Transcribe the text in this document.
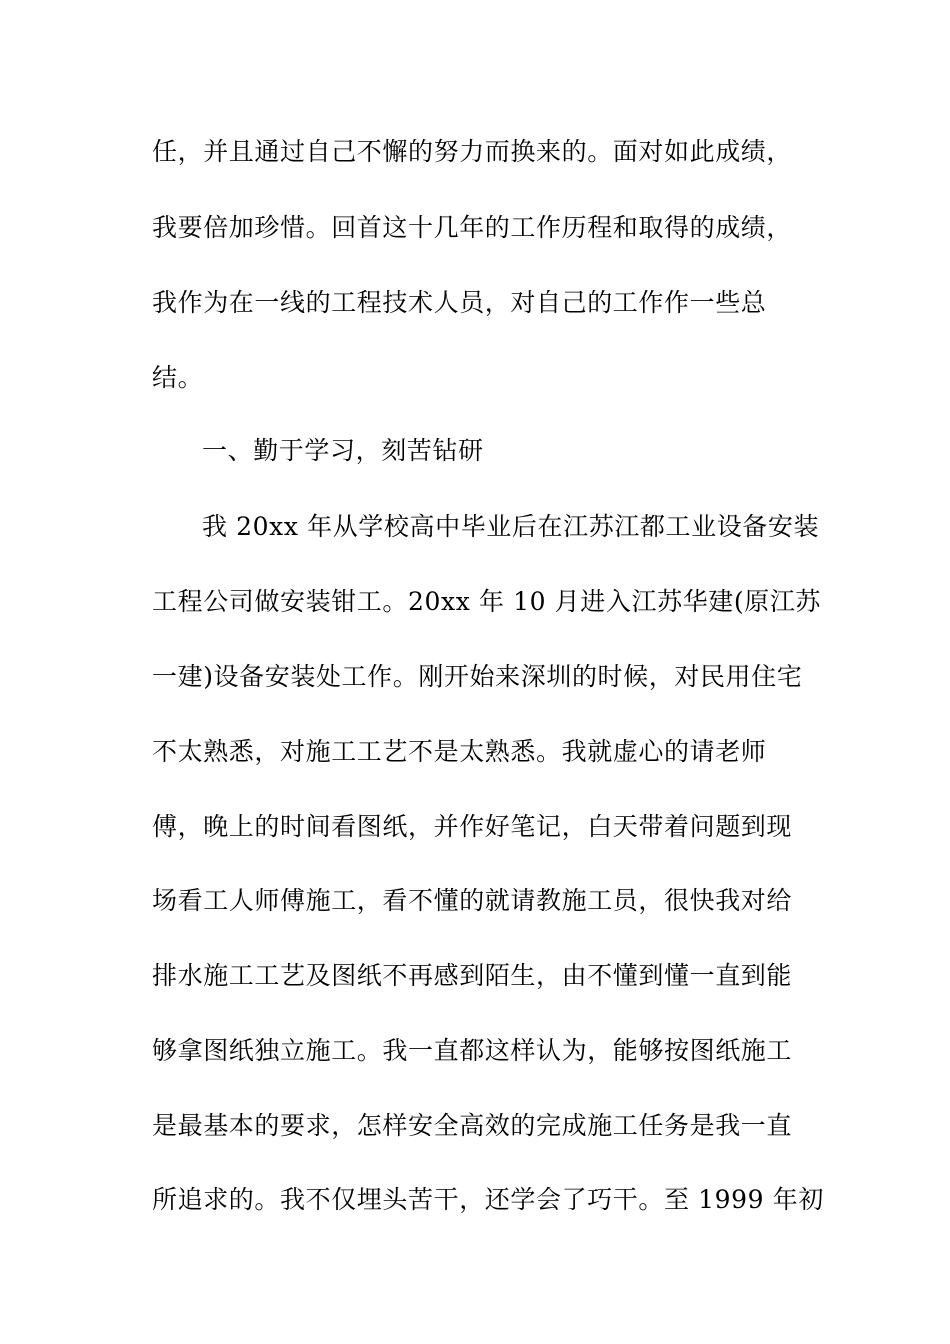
任，并且通过自己不懈的努力而换来的。面对如此成绩，
我要倍加珍惜。回首这十几年的工作历程和取得的成绩，
我作为在一线的工程技术人员，对自己的工作作一些总
结。
一、勤于学习，刻苦钻研
我 20xx 年从学校高中毕业后在江苏江都工业设备安装
工程公司做安装钳工。20xx 年 10 月进入江苏华建(原江苏
一建)设备安装处工作。刚开始来深圳的时候，对民用住宅
不太熟悉，对施工工艺不是太熟悉。我就虚心的请老师
傅，晚上的时间看图纸，并作好笔记，白天带着问题到现
场看工人师傅施工，看不懂的就请教施工员，很快我对给
排水施工工艺及图纸不再感到陌生，由不懂到懂一直到能
够拿图纸独立施工。我一直都这样认为，能够按图纸施工
是最基本的要求，怎样安全高效的完成施工任务是我一直
所追求的。我不仅埋头苦干，还学会了巧干。至 1999 年初
